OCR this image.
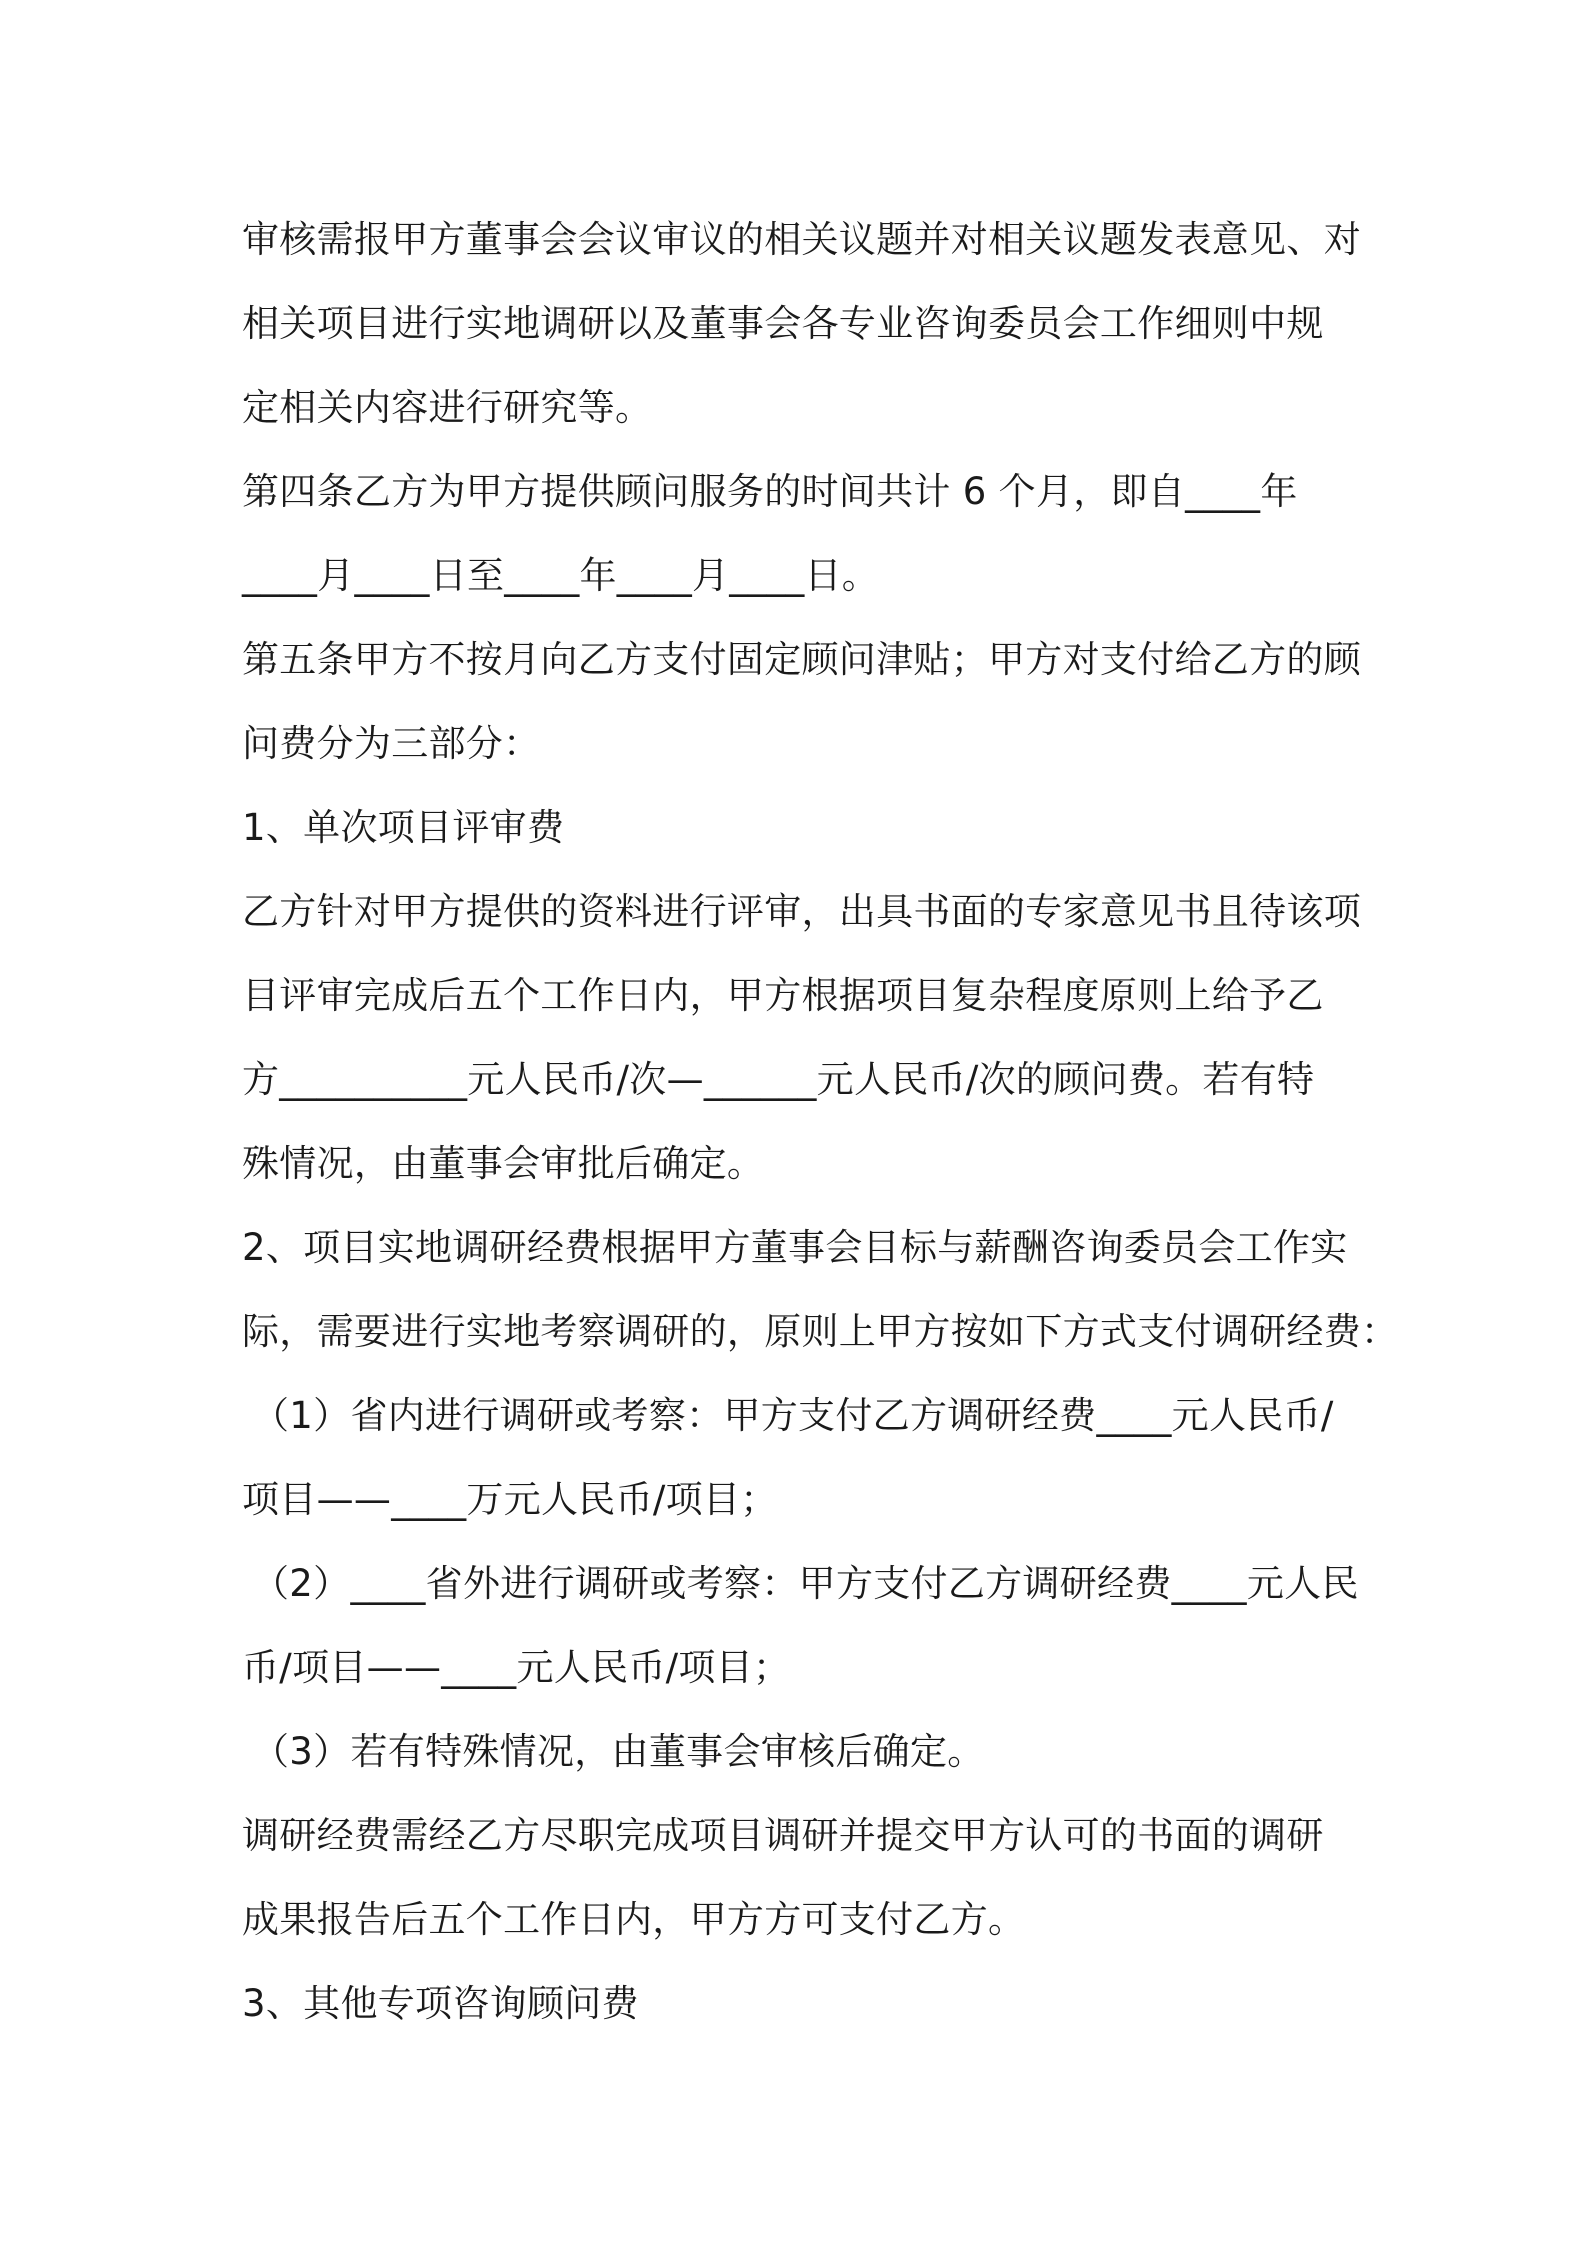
审核需报甲方董事会会议审议的相关议题并对相关议题发表意见、对
相关项目进行实地调研以及董事会各专业咨询委员会工作细则中规
定相关内容进行研究等。
第四条乙方为甲方提供顾问服务的时间共计 6 个月，即自____年
____月____日至____年____月____日。
第五条甲方不按月向乙方支付固定顾问津贴；甲方对支付给乙方的顾
问费分为三部分：
1、单次项目评审费
乙方针对甲方提供的资料进行评审，出具书面的专家意见书且待该项
目评审完成后五个工作日内，甲方根据项目复杂程度原则上给予乙
方__________元人民币/次—______元人民币/次的顾问费。若有特
殊情况，由董事会审批后确定。
2、项目实地调研经费根据甲方董事会目标与薪酬咨询委员会工作实
际，需要进行实地考察调研的，原则上甲方按如下方式支付调研经费：
（1）省内进行调研或考察：甲方支付乙方调研经费____元人民币/
项目——____万元人民币/项目；
（2）____省外进行调研或考察：甲方支付乙方调研经费____元人民
币/项目——____元人民币/项目；
（3）若有特殊情况，由董事会审核后确定。
调研经费需经乙方尽职完成项目调研并提交甲方认可的书面的调研
成果报告后五个工作日内，甲方方可支付乙方。
3、其他专项咨询顾问费
